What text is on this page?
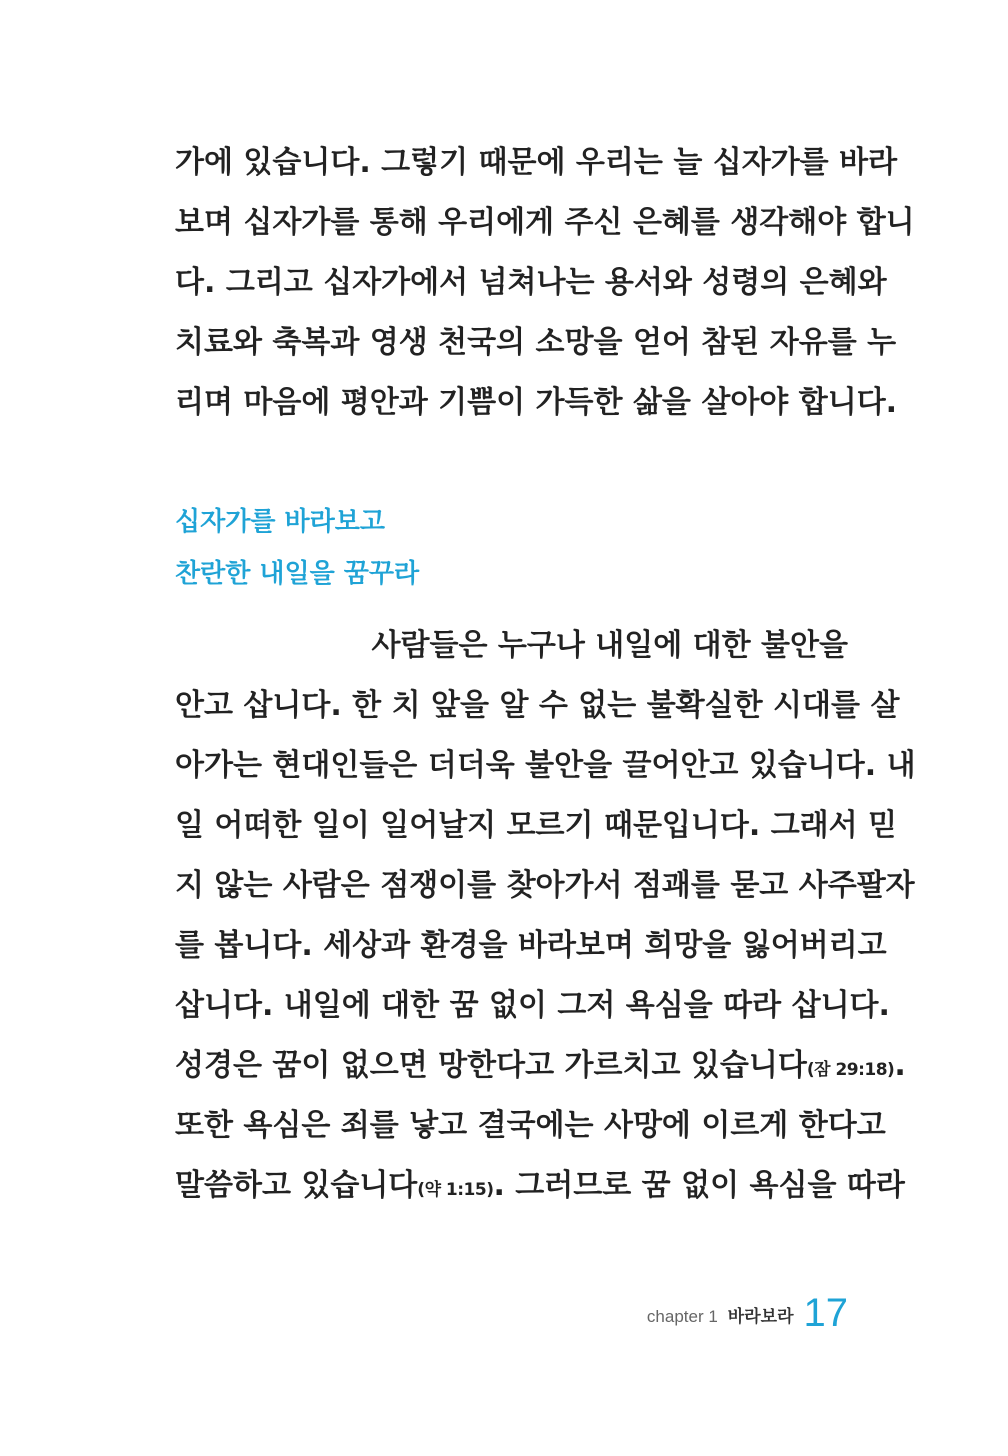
가에 있습니다. 그렇기 때문에 우리는 늘 십자가를 바라
보며 십자가를 통해 우리에게 주신 은혜를 생각해야 합니
다. 그리고 십자가에서 넘쳐나는 용서와 성령의 은혜와
치료와 축복과 영생 천국의 소망을 얻어 참된 자유를 누
리며 마음에 평안과 기쁨이 가득한 삶을 살아야 합니다.
십자가를 바라보고
찬란한 내일을 꿈꾸라
사람들은 누구나 내일에 대한 불안을
안고 삽니다. 한 치 앞을 알 수 없는 불확실한 시대를 살
아가는 현대인들은 더더욱 불안을 끌어안고 있습니다. 내
일 어떠한 일이 일어날지 모르기 때문입니다. 그래서 믿
지 않는 사람은 점쟁이를 찾아가서 점괘를 묻고 사주팔자
를 봅니다. 세상과 환경을 바라보며 희망을 잃어버리고
삽니다. 내일에 대한 꿈 없이 그저 욕심을 따라 삽니다.
성경은 꿈이 없으면 망한다고 가르치고 있습니다(잠 29:18).
또한 욕심은 죄를 낳고 결국에는 사망에 이르게 한다고
말씀하고 있습니다(약 1:15). 그러므로 꿈 없이 욕심을 따라
chapter 1 바라보라 17
